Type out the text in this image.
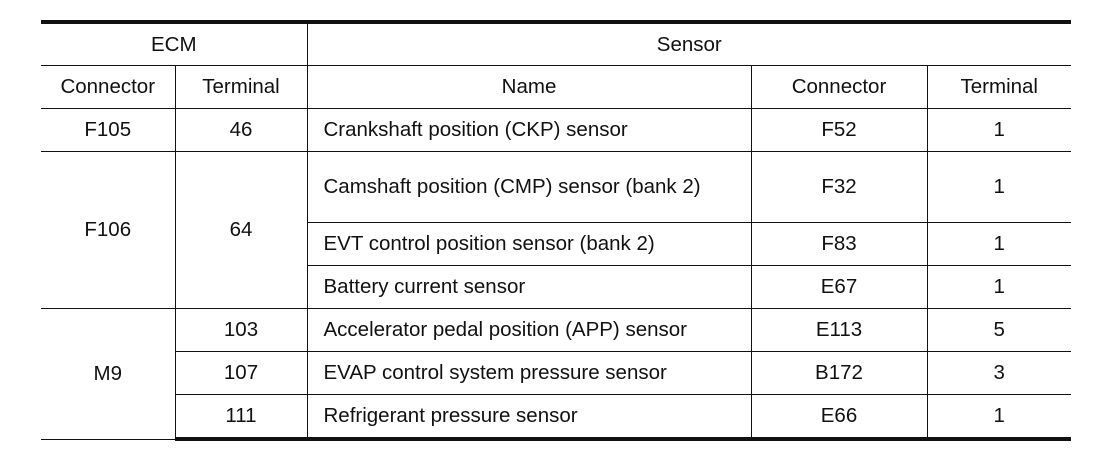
ECM		Sensor		
Connector	Terminal	Name	Connector	Terminal
F105	46	Crankshaft position (CKP) sensor	F52	1
F106	64	Camshaft position (CMP) sensor (bank 2)	F32	1
		EVT control position sensor (bank 2)	F83	1
		Battery current sensor	E67	1
M9	103	Accelerator pedal position (APP) sensor	E113	5
	107	EVAP control system pressure sensor	B172	3
	111	Refrigerant pressure sensor	E66	1
